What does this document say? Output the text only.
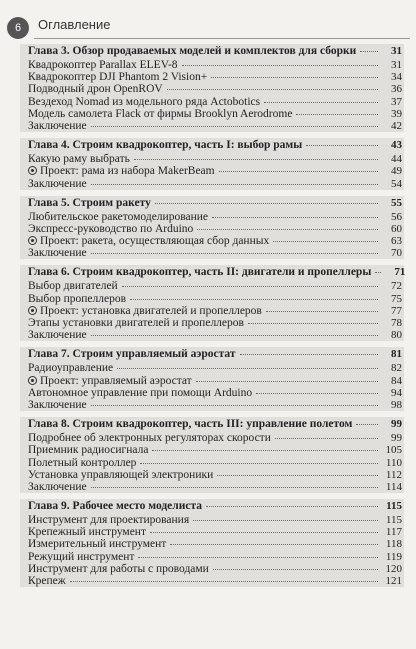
6	Оглавление
Глава 3. Обзор продаваемых моделей и комплектов для сборки	31
Квадрокоптер Parallax ELEV-8	31
Квадрокоптер DJI Phantom 2 Vision+	34
Подводный дрон OpenROV	36
Вездеход Nomad из модельного ряда Actobotics	37
Модель самолета Flack от фирмы Brooklyn Aerodrome	39
Заключение	42
Глава 4. Строим квадрокоптер, часть I: выбор рамы	43
Какую раму выбрать	44
Проект: рама из набора MakerBeam	49
Заключение	54
Глава 5. Строим ракету	55
Любительское ракетомоделирование	56
Экспресс-руководство по Arduino	60
Проект: ракета, осуществляющая сбор данных	63
Заключение	70
Глава 6. Строим квадрокоптер, часть II: двигатели и пропеллеры	71
Выбор двигателей	72
Выбор пропеллеров	75
Проект: установка двигателей и пропеллеров	77
Этапы установки двигателей и пропеллеров	78
Заключение	80
Глава 7. Строим управляемый аэростат	81
Радиоуправление	82
Проект: управляемый аэростат	84
Автономное управление при помощи Arduino	94
Заключение	98
Глава 8. Строим квадрокоптер, часть III: управление полетом	99
Подробнее об электронных регуляторах скорости	99
Приемник радиосигнала	105
Полетный контроллер	110
Установка управляющей электроники	112
Заключение	114
Глава 9. Рабочее место моделиста	115
Инструмент для проектирования	115
Крепежный инструмент	117
Измерительный инструмент	118
Режущий инструмент	119
Инструмент для работы с проводами	120
Крепеж	121
